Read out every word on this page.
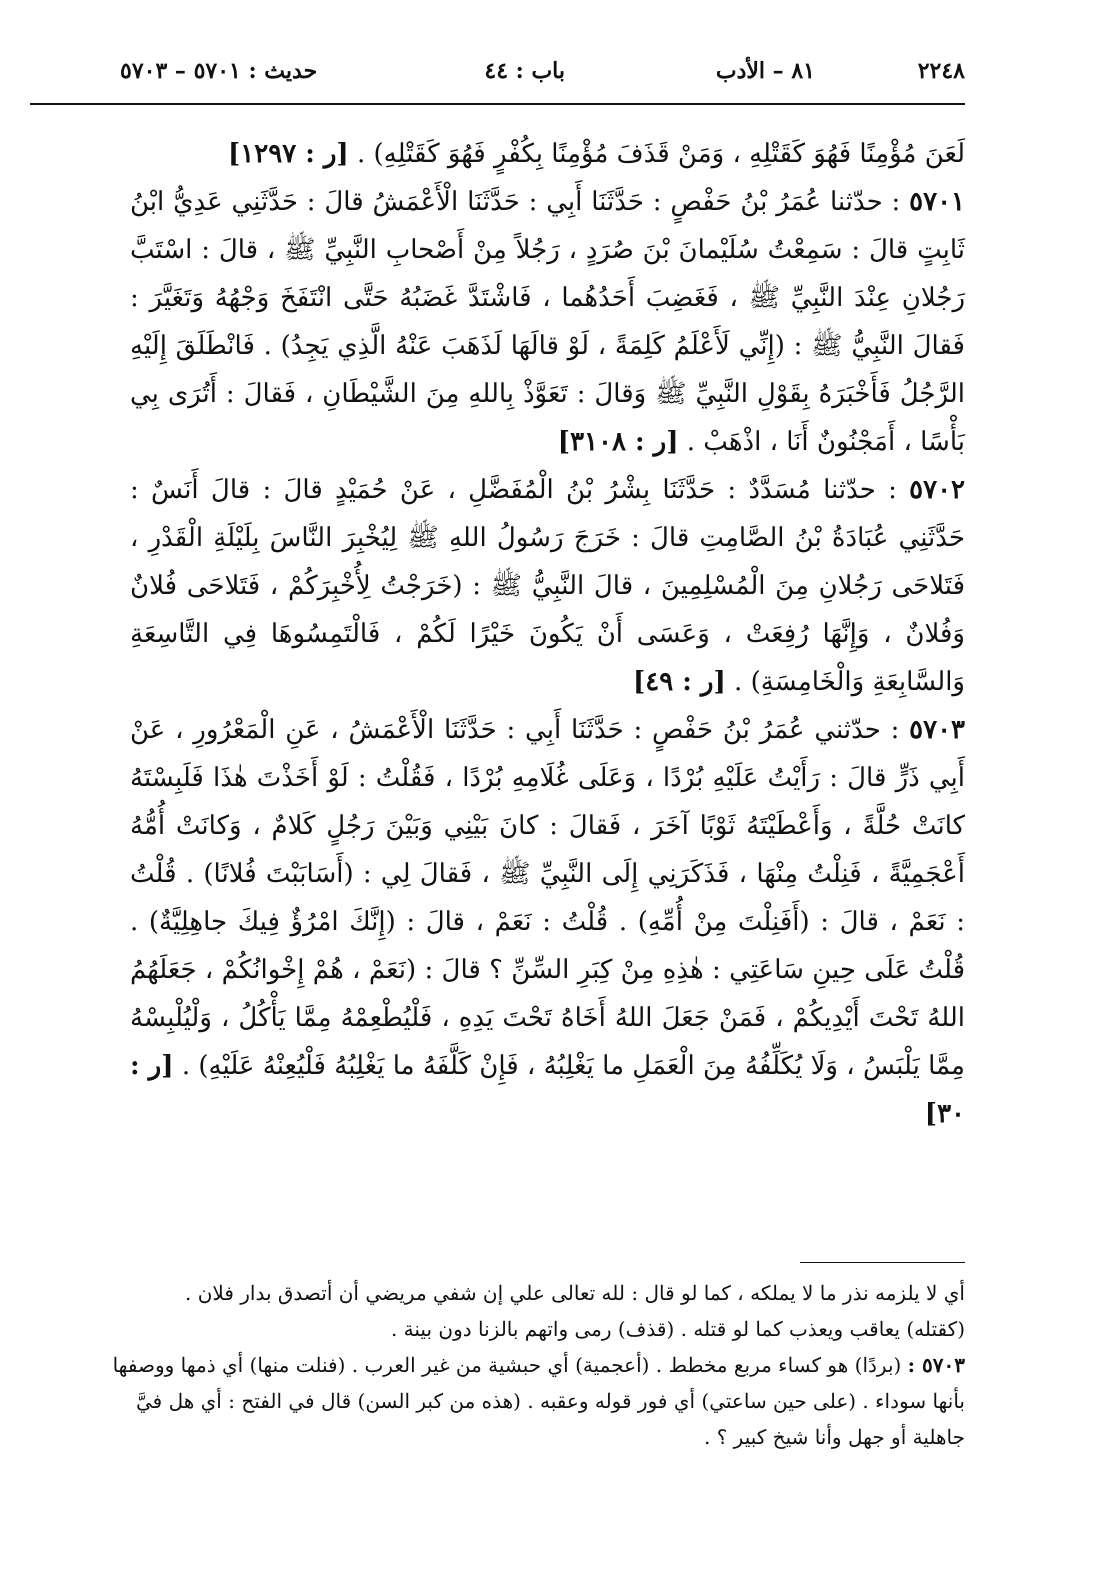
٢٢٤٨
٨١ – الأدب
باب : ٤٤
حديث : ٥٧٠١ – ٥٧٠٣

لَعَنَ مُؤْمِنًا فَهُوَ كَقَتْلِهِ ، وَمَنْ قَذَفَ مُؤْمِنًا بِكُفْرٍ فَهُوَ كَقَتْلِهِ) . [ر : ١٢٩٧]

٥٧٠١ : حدّثنا عُمَرُ بْنُ حَفْصٍ : حَدَّثَنَا أَبِي : حَدَّثَنَا الْأَعْمَشُ قالَ : حَدَّثَنِي عَدِيُّ ابْنُ ثَابِتٍ قالَ : سَمِعْتُ سُلَيْمانَ بْنَ صُرَدٍ ، رَجُلاً مِنْ أَصْحابِ النَّبِيِّ ﷺ ، قالَ : اسْتَبَّ رَجُلانِ عِنْدَ النَّبِيِّ ﷺ ، فَغَضِبَ أَحَدُهُما ، فَاشْتَدَّ غَضَبُهُ حَتَّى انْتَفَخَ وَجْهُهُ وَتَغَيَّرَ : فَقالَ النَّبِيُّ ﷺ : (إِنِّي لَأَعْلَمُ كَلِمَةً ، لَوْ قالَهَا لَذَهَبَ عَنْهُ الَّذِي يَجِدُ) . فَانْطَلَقَ إِلَيْهِ الرَّجُلُ فَأَخْبَرَهُ بِقَوْلِ النَّبِيِّ ﷺ وَقالَ : تَعَوَّذْ بِاللهِ مِنَ الشَّيْطَانِ ، فَقالَ : أَتُرَى بِي بَأْسًا ، أَمَجْنُونٌ أَنَا ، اذْهَبْ . [ر : ٣١٠٨]

٥٧٠٢ : حدّثنا مُسَدَّدٌ : حَدَّثَنَا بِشْرُ بْنُ الْمُفَضَّلِ ، عَنْ حُمَيْدٍ قالَ : قالَ أَنَسٌ : حَدَّثَنِي عُبَادَةُ بْنُ الصَّامِتِ قالَ : خَرَجَ رَسُولُ اللهِ ﷺ لِيُخْبِرَ النَّاسَ بِلَيْلَةِ الْقَدْرِ ، فَتَلاحَى رَجُلانِ مِنَ الْمُسْلِمِينَ ، قالَ النَّبِيُّ ﷺ : (خَرَجْتُ لِأُخْبِرَكُمْ ، فَتَلاحَى فُلانٌ وَفُلانٌ ، وَإِنَّهَا رُفِعَتْ ، وَعَسَى أَنْ يَكُونَ خَيْرًا لَكُمْ ، فَالْتَمِسُوهَا فِي التَّاسِعَةِ وَالسَّابِعَةِ وَالْخَامِسَةِ) . [ر : ٤٩]

٥٧٠٣ : حدّثني عُمَرُ بْنُ حَفْصٍ : حَدَّثَنَا أَبِي : حَدَّثَنَا الْأَعْمَشُ ، عَنِ الْمَعْرُورِ ، عَنْ أَبِي ذَرٍّ قالَ : رَأَيْتُ عَلَيْهِ بُرْدًا ، وَعَلَى غُلَامِهِ بُرْدًا ، فَقُلْتُ : لَوْ أَخَذْتَ هٰذَا فَلَبِسْتَهُ كانَتْ حُلَّةً ، وَأَعْطَيْتَهُ ثَوْبًا آخَرَ ، فَقالَ : كانَ بَيْنِي وَبَيْنَ رَجُلٍ كَلامٌ ، وَكانَتْ أُمُّهُ أَعْجَمِيَّةً ، فَنِلْتُ مِنْهَا ، فَذَكَرَنِي إِلَى النَّبِيِّ ﷺ ، فَقالَ لِي : (أَسَابَبْتَ فُلانًا) . قُلْتُ : نَعَمْ ، قالَ : (أَفَنِلْتَ مِنْ أُمِّهِ) . قُلْتُ : نَعَمْ ، قالَ : (إِنَّكَ امْرُؤٌ فِيكَ جاهِلِيَّةٌ) . قُلْتُ عَلَى حِينِ سَاعَتِي : هٰذِهِ مِنْ كِبَرِ السِّنِّ ؟ قالَ : (نَعَمْ ، هُمْ إِخْوانُكُمْ ، جَعَلَهُمُ اللهُ تَحْتَ أَيْدِيكُمْ ، فَمَنْ جَعَلَ اللهُ أَخَاهُ تَحْتَ يَدِهِ ، فَلْيُطْعِمْهُ مِمَّا يَأْكُلُ ، وَلْيُلْبِسْهُ مِمَّا يَلْبَسُ ، وَلَا يُكَلِّفُهُ مِنَ الْعَمَلِ ما يَغْلِبُهُ ، فَإِنْ كَلَّفَهُ ما يَغْلِبُهُ فَلْيُعِنْهُ عَلَيْهِ) . [ر : ٣٠]

أي لا يلزمه نذر ما لا يملكه ، كما لو قال : لله تعالى علي إن شفي مريضي أن أتصدق بدار فلان .

(كقتله) يعاقب ويعذب كما لو قتله . (قذف) رمى واتهم بالزنا دون بينة .

٥٧٠٣ : (بردًا) هو كساء مربع مخطط . (أعجمية) أي حبشية من غير العرب . (فنلت منها) أي ذمها ووصفها

بأنها سوداء . (على حين ساعتي) أي فور قوله وعقبه . (هذه من كبر السن) قال في الفتح : أي هل فيَّ

جاهلية أو جهل وأنا شيخ كبير ؟ .
